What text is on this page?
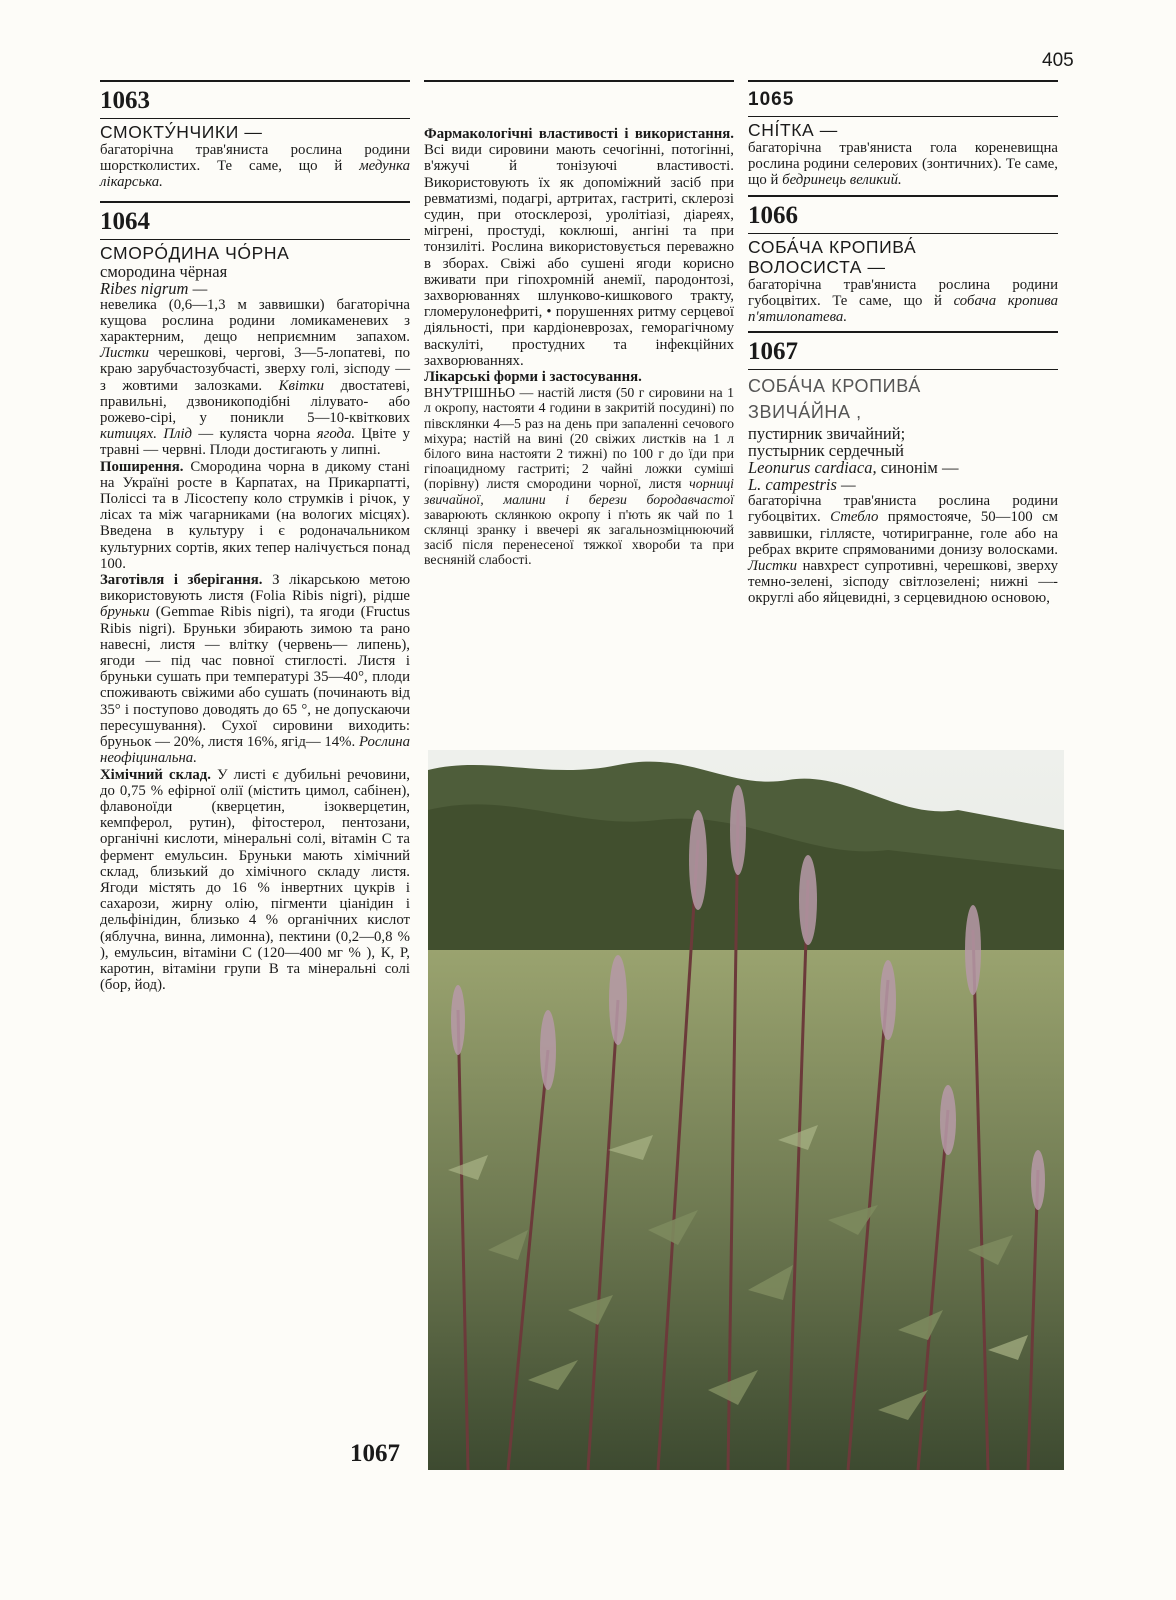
405
1063
СМОКТУ́НЧИКИ —

багаторічна трав'яниста рослина родини шорстколистих. Те саме, що й медунка лікарська.

1064
СМОРО́ДИНА ЧО́РНА
смородина чёрная
Ribes nigrum —

невелика (0,6—1,3 м заввишки) багаторічна кущова рослина родини ломикаменевих з характерним, дещо неприємним запахом. Листки черешкові, чергові, 3—5-лопатеві, по краю зарубчастозубчасті, зверху голі, зісподу — з жовтими залозками. Квітки двостатеві, правильні, дзвоникоподібні лілувато- або рожево-сірі, у поникли 5—10-квіткових китицях. Плід — куляста чорна ягода. Цвіте у травні — червні. Плоди достигають у липні.

Поширення. Смородина чорна в дикому стані на Україні росте в Карпатах, на Прикарпатті, Поліссі та в Лісостепу коло струмків і річок, у лісах та між чагарниками (на вологих місцях). Введена в культуру і є родоначальником культурних сортів, яких тепер налічується понад 100.

Заготівля і зберігання. З лікарською метою використовують листя (Folia Ribis nigri), рідше бруньки (Gemmae Ribis nigri), та ягоди (Fructus Ribis nigri). Бруньки збирають зимою та рано навесні, листя — влітку (червень— липень), ягоди — під час повної стиглості. Листя і бруньки сушать при температурі 35—40°, плоди споживають свіжими або сушать (починають від 35° і поступово доводять до 65 °, не допускаючи пересушування). Сухої сировини виходить: бруньок — 20%, листя 16%, ягід— 14%. Рослина неофіцинальна.

Хімічний склад. У листі є дубильні речовини, до 0,75 % ефірної олії (містить цимол, сабінен), флавоноїди (кверцетин, ізокверцетин, кемпферол, рутин), фітостерол, пентозани, органічні кислоти, мінеральні солі, вітамін С та фермент емульсин. Бруньки мають хімічний склад, близький до хімічного складу листя. Ягоди містять до 16 % інвертних цукрів і сахарози, жирну олію, пігменти ціанідин і дельфінідин, близько 4 % органічних кислот (яблучна, винна, лимонна), пектини (0,2—0,8 % ), емульсин, вітаміни С (120—400 мг % ), К, Р, каротин, вітаміни групи В та мінеральні солі (бор, йод).

Фармакологічні властивості і використання. Всі види сировини мають сечогінні, потогінні, в'яжучі й тонізуючі властивості. Використовують їх як допоміжний засіб при ревматизмі, подагрі, артритах, гастриті, склерозі судин, при отосклерозі, уролітіазі, діареях, мігрені, простуді, коклюші, ангіні та при тонзиліті. Рослина використовується переважно в зборах. Свіжі або сушені ягоди корисно вживати при гіпохромній анемії, пародонтозі, захворюваннях шлунково-кишкового тракту, гломерулонефриті, • порушеннях ритму серцевої діяльності, при кардіоневрозах, геморагічному васкуліті, простудних та інфекційних захворюваннях.

Лікарські форми і застосування.

ВНУТРІШНЬО — настій листя (50 г сировини на 1 л окропу, настояти 4 години в закритій посудині) по півсклянки 4—5 раз на день при запаленні сечового міхура; настій на вині (20 свіжих листків на 1 л білого вина настояти 2 тижні) по 100 г до їди при гіпоацидному гастриті; 2 чайні ложки суміші (порівну) листя смородини чорної, листя чорниці звичайної, малини і берези бородавчастої заварюють склянкою окропу і п'ють як чай по 1 склянці зранку і ввечері як загальнозміцнюючий засіб після перенесеної тяжкої хвороби та при весняній слабості.

1065
СНІ́ТКА —

багаторічна трав'яниста гола кореневищна рослина родини селерових (зонтичних). Те саме, що й бедринець великий.

1066
СОБА́ЧА КРОПИВА́
ВОЛОСИСТА —

багаторічна трав'яниста рослина родини губоцвітих. Те саме, що й собача кропива п'ятилопатева.

1067
СОБА́ЧА КРОПИВА́
ЗВИЧА́ЙНА ,
пустирник звичайний;
пустырник сердечный
Leonurus cardiaca, синонім —
L. campestris —

багаторічна трав'яниста рослина родини губоцвітих. Стебло прямостояче, 50—100 см заввишки, гіллясте, чотиригранне, голе або на ребрах вкрите спрямованими донизу волосками. Листки навхрест супротивні, черешкові, зверху темно-зелені, зісподу світлозелені; нижні —- округлі або яйцевидні, з серцевидною основою,

1067
